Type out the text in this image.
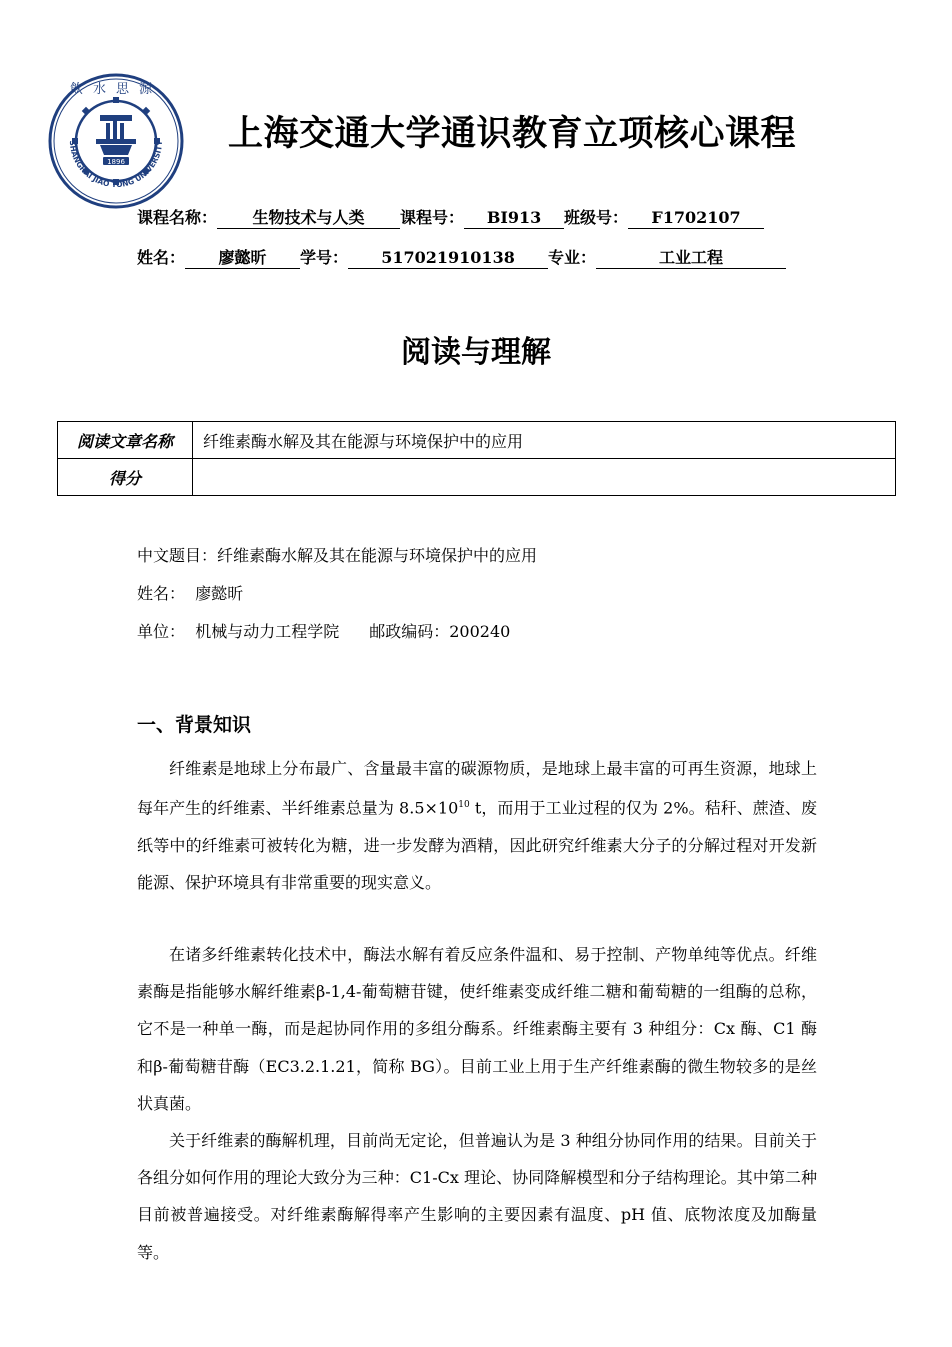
1896
飲水思源
SHANGHAI JIAO TONG UNIVERSITY 上海交通大学通识教育立项核心课程
课程名称： 生物技术与人类 课程号： BI913 班级号： F1702107
姓名： 廖懿昕 学号： 517021910138 专业：	工业工程
阅读与理解
阅读文章名称	纤维素酶水解及其在能源与环境保护中的应用
得分	
中文题目：纤维素酶水解及其在能源与环境保护中的应用
姓名： 廖懿昕
单位： 机械与动力工程学院 邮政编码：200240
一、背景知识
纤维素是地球上分布最广、含量最丰富的碳源物质，是地球上最丰富的可再生资源，地球上每年产生的纤维素、半纤维素总量为 $8.5\times 10^{10}$ t，而用于工业过程的仅为 2%。秸秆、蔗渣、废纸等中的纤维素可被转化为糖，进一步发酵为酒精，因此研究纤维素大分子的分解过程对开发新能源、保护环境具有非常重要的现实意义。
在诸多纤维素转化技术中，酶法水解有着反应条件温和、易于控制、产物单纯等优点。纤维素酶是指能够水解纤维素β-1,4-葡萄糖苷键，使纤维素变成纤维二糖和葡萄糖的一组酶的总称，它不是一种单一酶，而是起协同作用的多组分酶系。纤维素酶主要有 3 种组分：Cx 酶、C1 酶和β-葡萄糖苷酶（EC3.2.1.21，简称 BG）。目前工业上用于生产纤维素酶的微生物较多的是丝状真菌。
关于纤维素的酶解机理，目前尚无定论，但普遍认为是 3 种组分协同作用的结果。目前关于各组分如何作用的理论大致分为三种：C1-Cx 理论、协同降解模型和分子结构理论。其中第二种目前被普遍接受。对纤维素酶解得率产生影响的主要因素有温度、pH 值、底物浓度及加酶量等。
